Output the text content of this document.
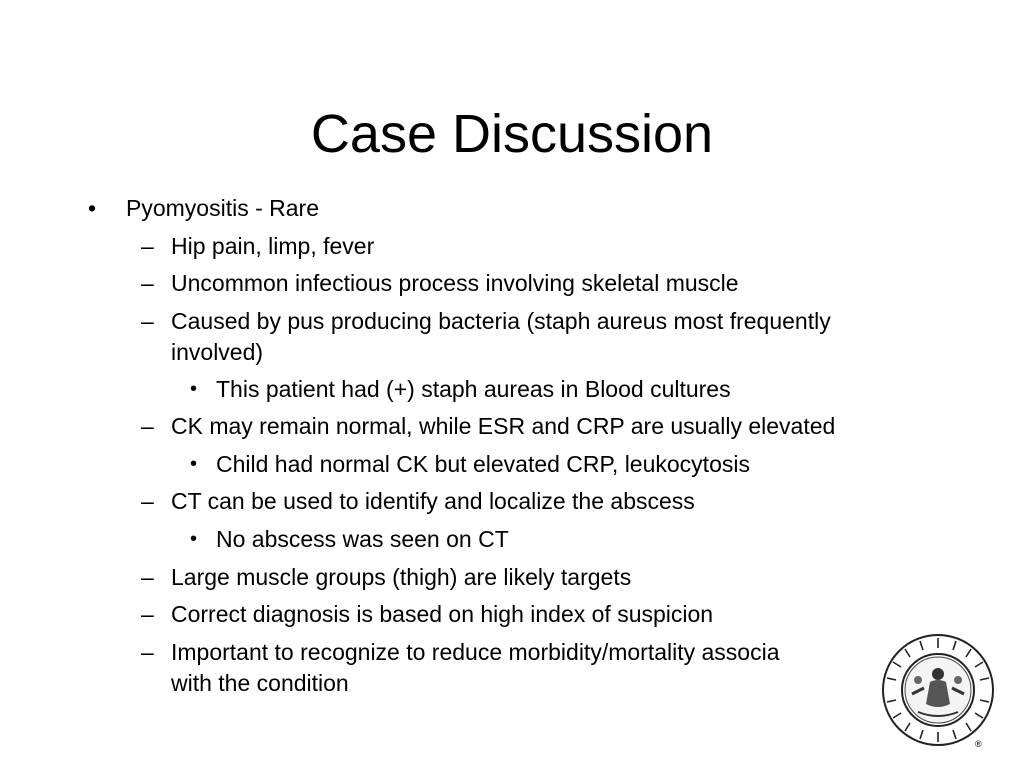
Case Discussion
• Pyomyositis - Rare
– Hip pain, limp, fever
– Uncommon infectious process involving skeletal muscle
– Caused by pus producing bacteria (staph aureus most frequently
involved)
• This patient had (+) staph aureas in Blood cultures
– CK may remain normal, while ESR and CRP are usually elevated
• Child had normal CK but elevated CRP, leukocytosis
– CT can be used to identify and localize the abscess
• No abscess was seen on CT
– Large muscle groups (thigh) are likely targets
– Correct diagnosis is based on high index of suspicion
– Important to recognize to reduce morbidity/mortality associa
with the condition
®
